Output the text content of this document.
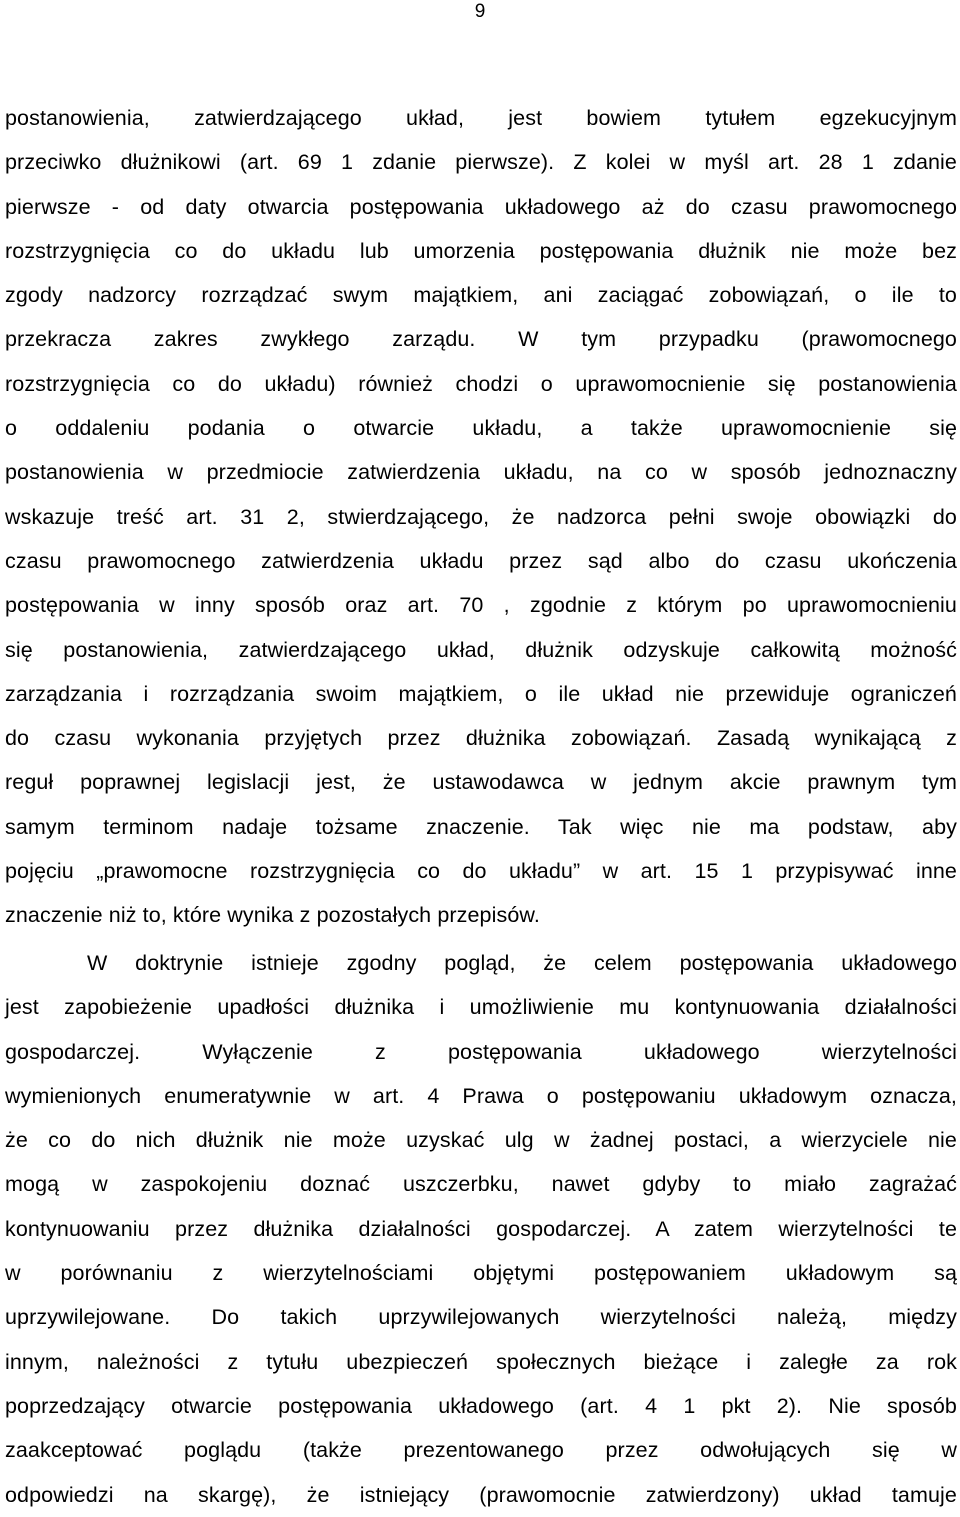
9
postanowienia, zatwierdzającego układ, jest bowiem tytułem egzekucyjnym
przeciwko dłużnikowi (art. 69 1 zdanie pierwsze). Z kolei w myśl art. 28 1 zdanie
pierwsze - od daty otwarcia postępowania układowego aż do czasu prawomocnego
rozstrzygnięcia co do układu lub umorzenia postępowania dłużnik nie może bez
zgody nadzorcy rozrządzać swym majątkiem, ani zaciągać zobowiązań, o ile to
przekracza zakres zwykłego zarządu. W tym przypadku (prawomocnego
rozstrzygnięcia co do układu) również chodzi o uprawomocnienie się postanowienia
o oddaleniu podania o otwarcie układu, a także uprawomocnienie się
postanowienia w przedmiocie zatwierdzenia układu, na co w sposób jednoznaczny
wskazuje treść art. 31 2, stwierdzającego, że nadzorca pełni swoje obowiązki do
czasu prawomocnego zatwierdzenia układu przez sąd albo do czasu ukończenia
postępowania w inny sposób oraz art. 70 , zgodnie z którym po uprawomocnieniu
się postanowienia, zatwierdzającego układ, dłużnik odzyskuje całkowitą możność
zarządzania i rozrządzania swoim majątkiem, o ile układ nie przewiduje ograniczeń
do czasu wykonania przyjętych przez dłużnika zobowiązań. Zasadą wynikającą z
reguł poprawnej legislacji jest, że ustawodawca w jednym akcie prawnym tym
samym terminom nadaje tożsame znaczenie. Tak więc nie ma podstaw, aby
pojęciu „prawomocne rozstrzygnięcia co do układu” w art. 15 1 przypisywać inne
znaczenie niż to, które wynika z pozostałych przepisów.
W doktrynie istnieje zgodny pogląd, że celem postępowania układowego
jest zapobieżenie upadłości dłużnika i umożliwienie mu kontynuowania działalności
gospodarczej. Wyłączenie z postępowania układowego wierzytelności
wymienionych enumeratywnie w art. 4 Prawa o postępowaniu układowym oznacza,
że co do nich dłużnik nie może uzyskać ulg w żadnej postaci, a wierzyciele nie
mogą w zaspokojeniu doznać uszczerbku, nawet gdyby to miało zagrażać
kontynuowaniu przez dłużnika działalności gospodarczej. A zatem wierzytelności te
w porównaniu z wierzytelnościami objętymi postępowaniem układowym są
uprzywilejowane. Do takich uprzywilejowanych wierzytelności należą, między
innym, należności z tytułu ubezpieczeń społecznych bieżące i zaległe za rok
poprzedzający otwarcie postępowania układowego (art. 4 1 pkt 2). Nie sposób
zaakceptować poglądu (także prezentowanego przez odwołujących się w
odpowiedzi na skargę), że istniejący (prawomocnie zatwierdzony) układ tamuje
